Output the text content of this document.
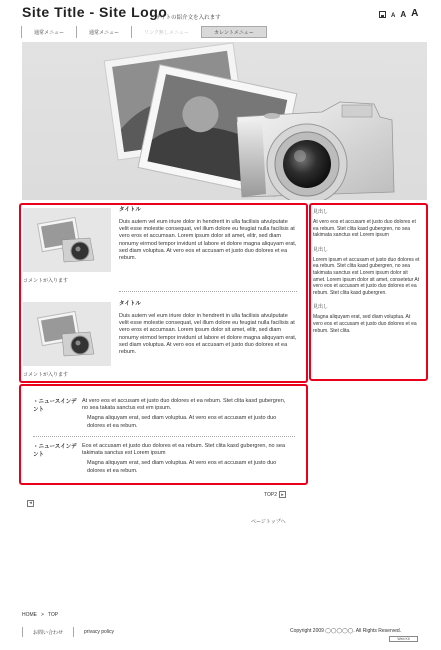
Site Title - Site Logo
サイトの紹介文を入れます	A A A
通常メニュー	通常メニュー	リンク無しメニュー	カレントメニュー
タイトル
Duis autem vel eum iriure dolor in hendrerit in ulla facilisis atvulputate velit esse molestie consequat, vel illum dolore eu feugiat nulla facilisis at vero eros et accumsan. Lorem ipsum dolor sit amet, elitr, sed diam nonumy eirmod tempor invidunt ut labore et dolore magna aliquyam erat, sed diam voluptua. At vero eos et accusam et justo duo dolores et ea rebum.
コメントが入ります
タイトル
Duis autem vel eum iriure dolor in hendrerit in ulla facilisis atvulputate velit esse molestie consequat, vel illum dolore eu feugiat nulla facilisis at vero eros et accumsan. Lorem ipsum dolor sit amet, elitr, sed diam nonumy eirmod tempor invidunt ut labore et dolore magna aliquyam erat, sed diam voluptua. At vero eos et accusam et justo duo dolores et ea rebum.
コメントが入ります
見出し
At vero eos et accusam et justo duo dolores et ea rebum. Stet clita kasd gubergren, no sea takimata sanctus est Lorem ipsum
見出し
Lorem ipsum et accusam et justo duo dolores et ea rebum. Stet clita kasd gubergren, no sea takimata sanctus est Lorem ipsum dolor sit amet. Lorem ipsum dolor sit amet, consetetur At vero eos et accusam et justo duo dolores et ea rebum. Stet clita kasd gubergren.
見出し
Magna aliquyam erat, sed diam voluptua. At vero eos et accusam et justo duo dolores et ea rebum. Stet clita.
・ニュースインデント
At vero eos et accusam et justo duo dolores et ea rebum. Stet clita kasd gubergren, no sea takata sanctus est em ipsum.
Magna aliquyam erat, sed diam voluptua. At vero eos et accusam et justo duo dolores et ea rebum.
・ニュースインデント
Eos et accusam et justo duo dolores et ea rebum. Stet clita kasd gubergren, no sea takimata sanctus est Lorem ipsum
Magna aliquyam erat, sed diam voluptua. At vero eos et accusam et justo duo dolores et ea rebum.
◂
TOP2 ▸
ページトップへ
HOME > TOP
お問い合わせ	privacy policy	Copyright 2009 ◯◯◯◯◯. All Rights Reserved.
Web Kit
